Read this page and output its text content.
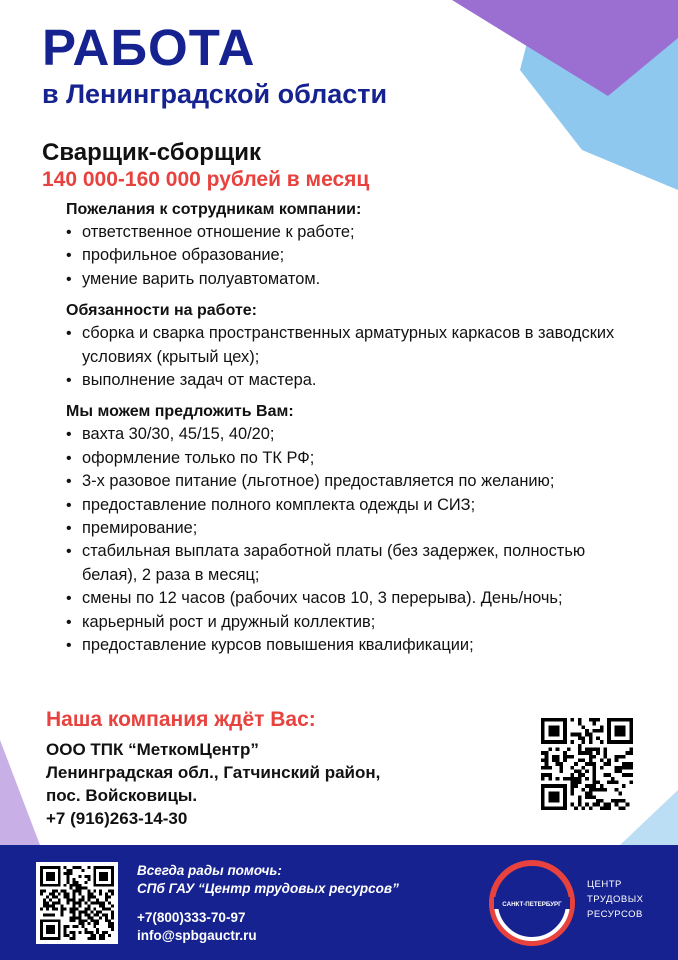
РАБОТА
в Ленинградской области
Сварщик-сборщик
140 000-160 000 рублей в месяц
Пожелания к сотрудникам компании:
• ответственное отношение к работе;
• профильное образование;
• умение варить полуавтоматом.
Обязанности на работе:
• сборка и сварка пространственных арматурных каркасов в заводских условиях (крытый цех);
• выполнение задач от мастера.
Мы можем предложить Вам:
• вахта 30/30, 45/15, 40/20;
• оформление только по ТК РФ;
• 3-х разовое питание (льготное) предоставляется по желанию;
• предоставление полного комплекта одежды и СИЗ;
• премирование;
• стабильная выплата заработной платы (без задержек, полностью белая), 2 раза в месяц;
• смены по 12 часов (рабочих часов 10, 3 перерыва). День/ночь;
• карьерный рост и дружный коллектив;
• предоставление курсов повышения квалификации;
Наша компания ждёт Вас:
ООО ТПК “МеткомЦентр”
Ленинградская обл., Гатчинский район,
пос. Войсковицы.
+7 (916)263-14-30
Всегда рады помочь:
СПб ГАУ “Центр трудовых ресурсов”
+7(800)333-70-97
info@spbgauctr.ru
САНКТ-ПЕТЕРБУРГ
ЦЕНТР
ТРУДОВЫХ
РЕСУРСОВ
